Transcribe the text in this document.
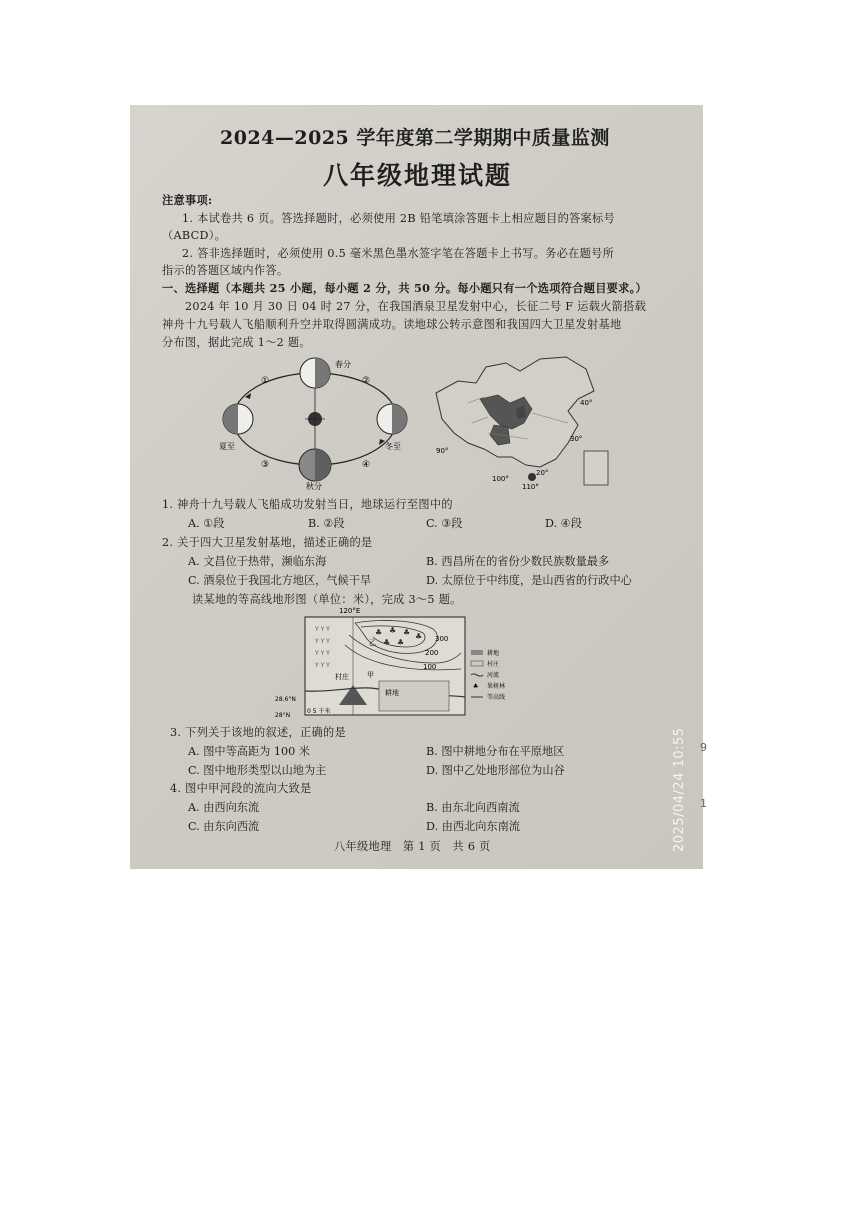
2024—2025 学年度第二学期期中质量监测
八年级地理试题
注意事项:
1. 本试卷共 6 页。答选择题时，必须使用 2B 铅笔填涂答题卡上相应题目的答案标号
（ABCD）。
2. 答非选择题时，必须使用 0.5 毫米黑色墨水签字笔在答题卡上书写。务必在题号所
指示的答题区域内作答。
一、选择题（本题共 25 小题，每小题 2 分，共 50 分。每小题只有一个选项符合题目要求。）
2024 年 10 月 30 日 04 时 27 分，在我国酒泉卫星发射中心，长征二号 F 运载火箭搭载
神舟十九号载人飞船顺利升空并取得圆满成功。读地球公转示意图和我国四大卫星发射基地
分布图，据此完成 1～2 题。
春分
夏至
秋分
冬至
①	②
③	④
40°
30°
20°
90°
100°
110°
1. 神舟十九号载人飞船成功发射当日，地球运行至图中的
A. ①段	B. ②段	C. ③段	D. ④段
2. 关于四大卫星发射基地，描述正确的是
A. 文昌位于热带，濒临东海	B. 西昌所在的省份少数民族数量最多
C. 酒泉位于我国北方地区，气候干旱	D. 太原位于中纬度，是山西省的行政中心
读某地的等高线地形图（单位：米），完成 3～5 题。
120°E
Y Y Y
Y Y Y
Y Y Y
Y Y Y
♣ ♣ ♣ ♣
♣ ♣	300
200
100
村庄	甲
乙
耕地
28.6°N
28°N
0 5 千米
耕地
村庄
河流
♣ 果树林
等高线
3. 下列关于该地的叙述，正确的是
A. 图中等高距为 100 米	B. 图中耕地分布在平原地区
C. 图中地形类型以山地为主	D. 图中乙处地形部位为山谷
4. 图中甲河段的流向大致是
A. 由西向东流	B. 由东北向西南流
C. 由东向西流	D. 由西北向东南流
八年级地理　第 1 页　共 6 页	2025/04/24 10:55 9
1
